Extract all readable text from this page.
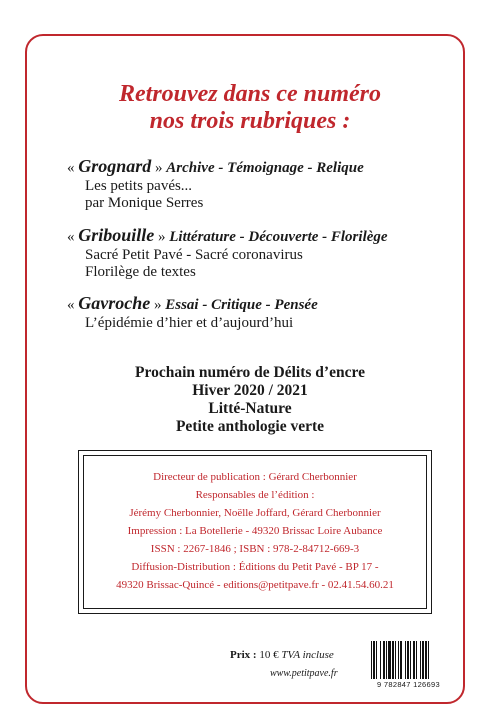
Retrouvez dans ce numéro
nos trois rubriques :
« Grognard » Archive - Témoignage - Relique
Les petits pavés...
par Monique Serres
« Gribouille » Littérature - Découverte - Florilège
Sacré Petit Pavé - Sacré coronavirus
Florilège de textes
« Gavroche » Essai - Critique - Pensée
L’épidémie d’hier et d’aujourd’hui
Prochain numéro de Délits d’encre
Hiver 2020 / 2021
Litté-Nature
Petite anthologie verte
Directeur de publication : Gérard Cherbonnier
Responsables de l’édition :
Jérémy Cherbonnier, Noëlle Joffard, Gérard Cherbonnier
Impression : La Botellerie - 49320 Brissac Loire Aubance
ISSN : 2267-1846 ; ISBN : 978-2-84712-669-3
Diffusion-Distribution : Éditions du Petit Pavé - BP 17 -
49320 Brissac-Quincé - editions@petitpave.fr - 02.41.54.60.21
Prix : 10 € TVA incluse
www.petitpave.fr
9 782847 126693
